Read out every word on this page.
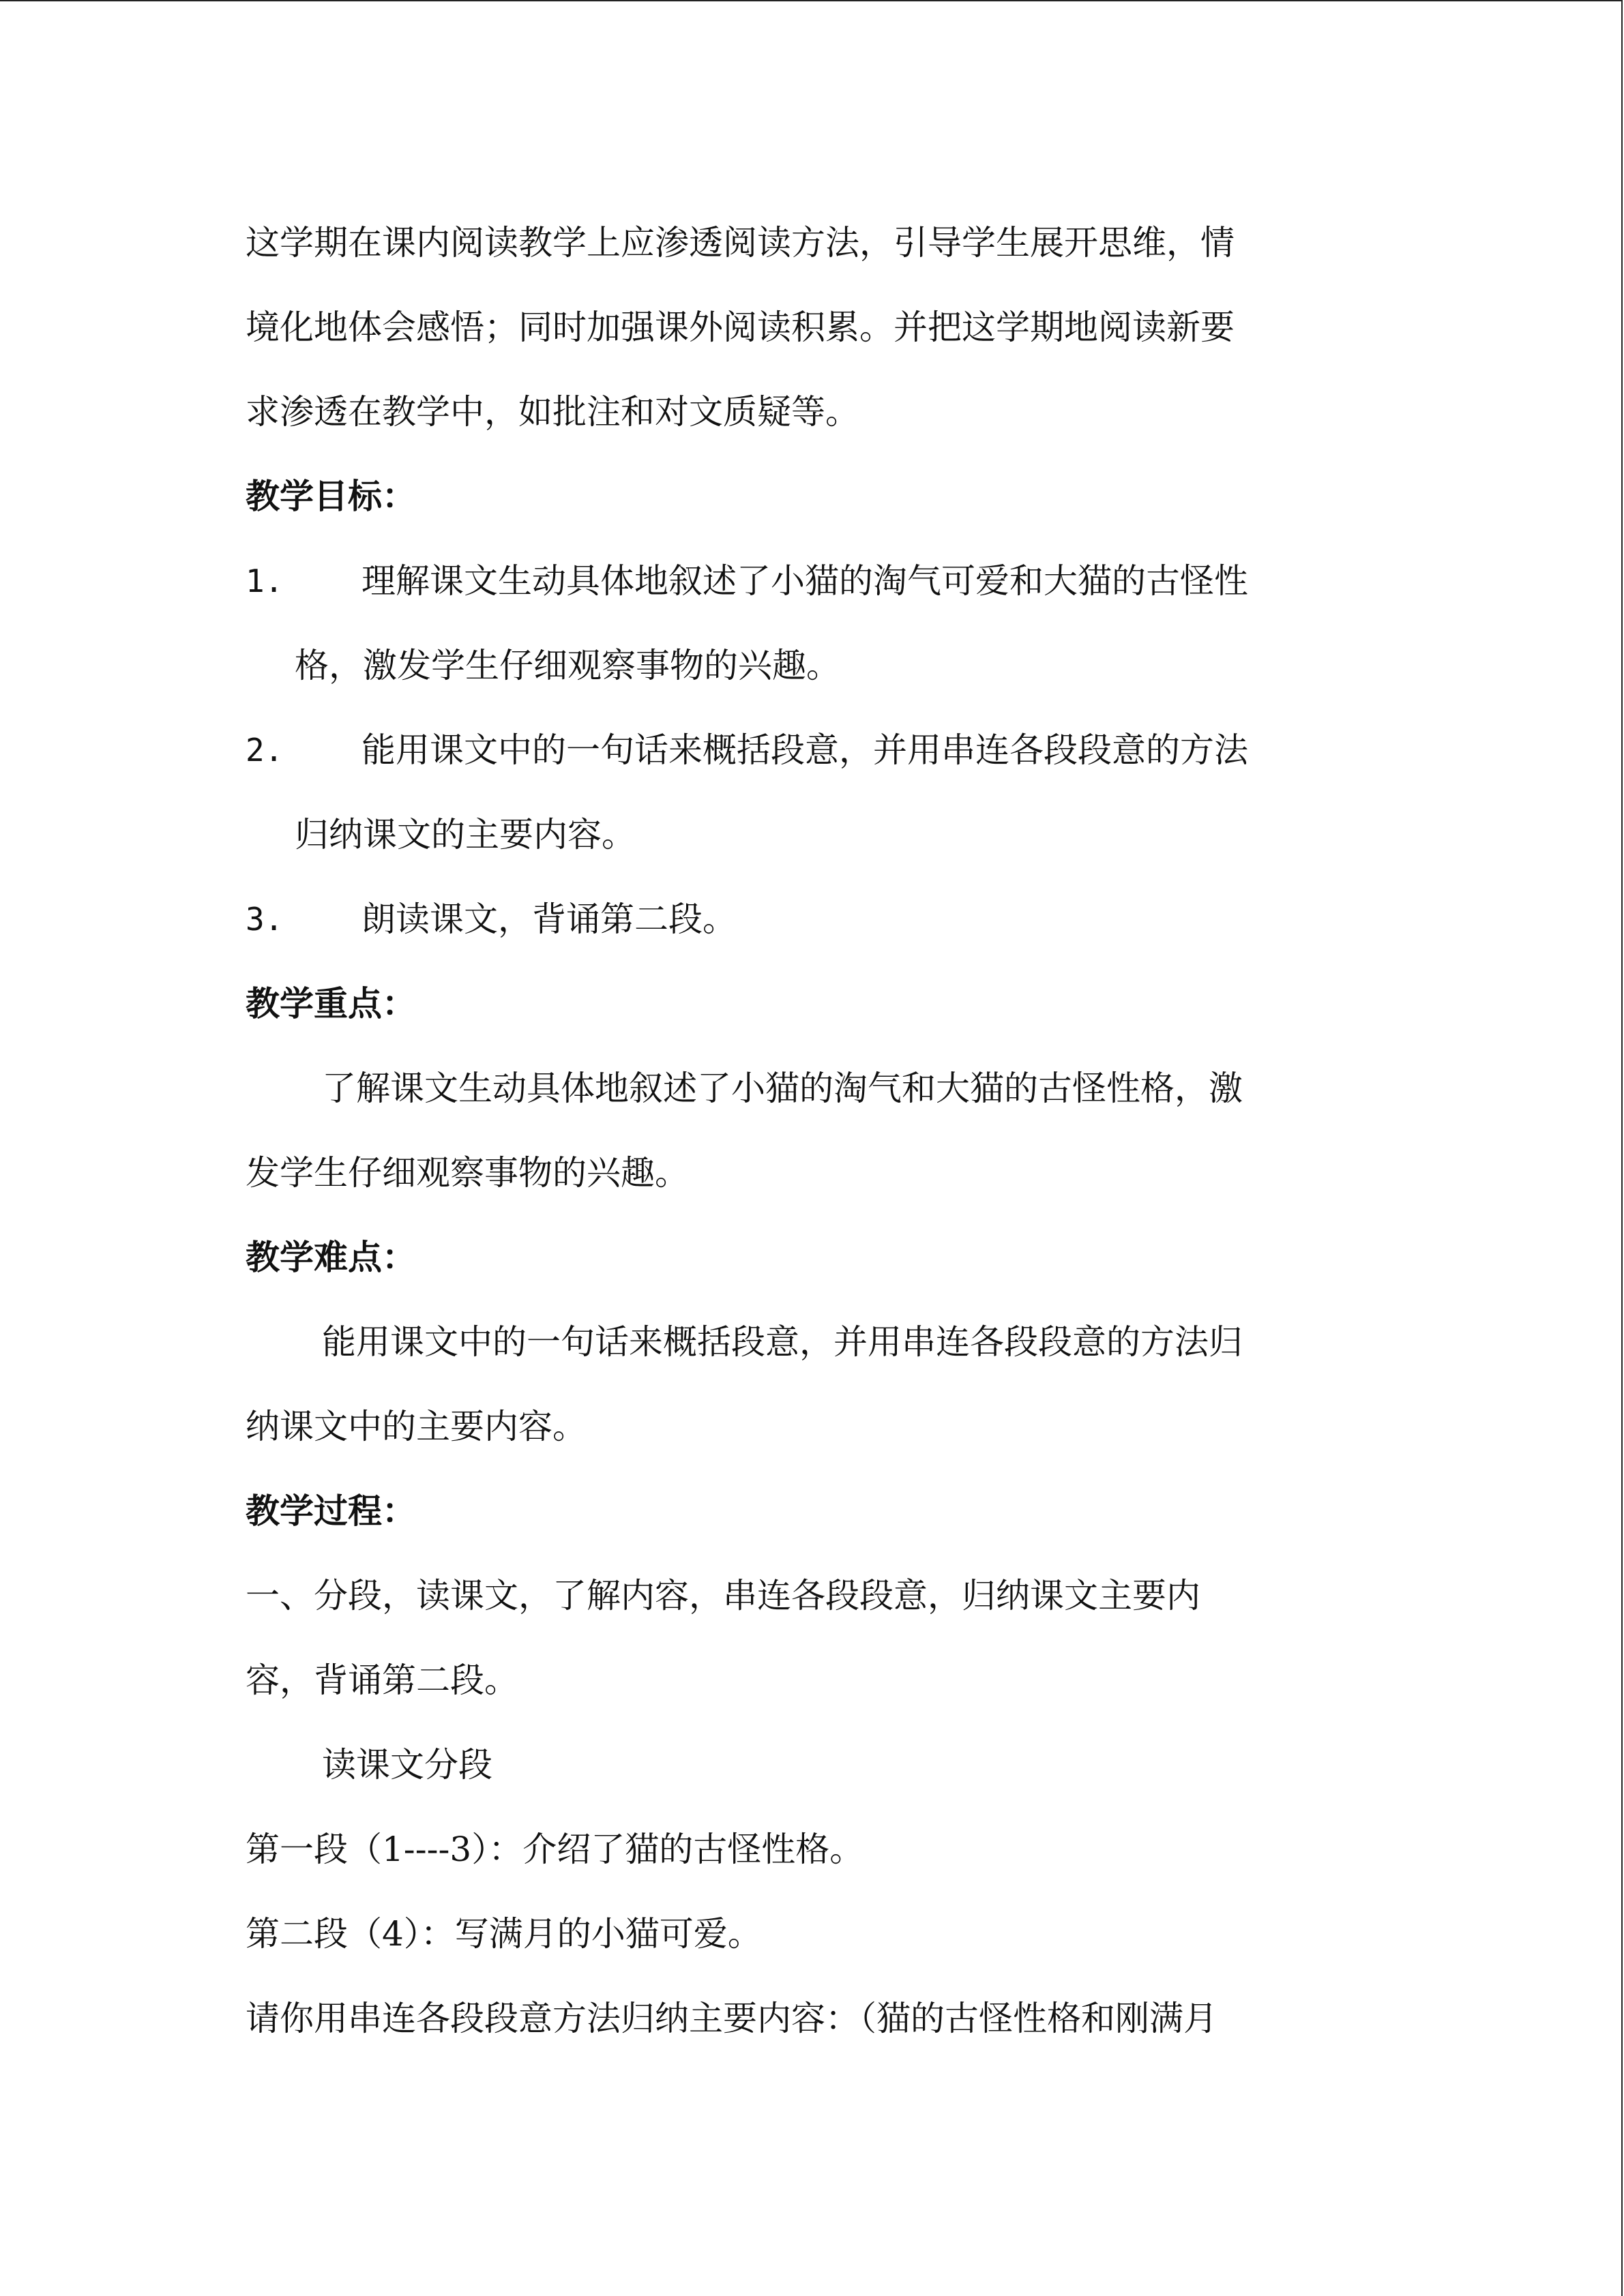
这学期在课内阅读教学上应渗透阅读方法，引导学生展开思维，情
境化地体会感悟；同时加强课外阅读积累。并把这学期地阅读新要
求渗透在教学中，如批注和对文质疑等。
教学目标：
1. 理解课文生动具体地叙述了小猫的淘气可爱和大猫的古怪性
格，激发学生仔细观察事物的兴趣。
2. 能用课文中的一句话来概括段意，并用串连各段段意的方法
归纳课文的主要内容。
3. 朗读课文，背诵第二段。
教学重点：
了解课文生动具体地叙述了小猫的淘气和大猫的古怪性格，激
发学生仔细观察事物的兴趣。
教学难点：
能用课文中的一句话来概括段意，并用串连各段段意的方法归
纳课文中的主要内容。
教学过程：
一、分段，读课文，了解内容，串连各段段意，归纳课文主要内
容，背诵第二段。
读课文分段
第一段（1----3）：介绍了猫的古怪性格。
第二段（4）：写满月的小猫可爱。
请你用串连各段段意方法归纳主要内容：（猫的古怪性格和刚满月
